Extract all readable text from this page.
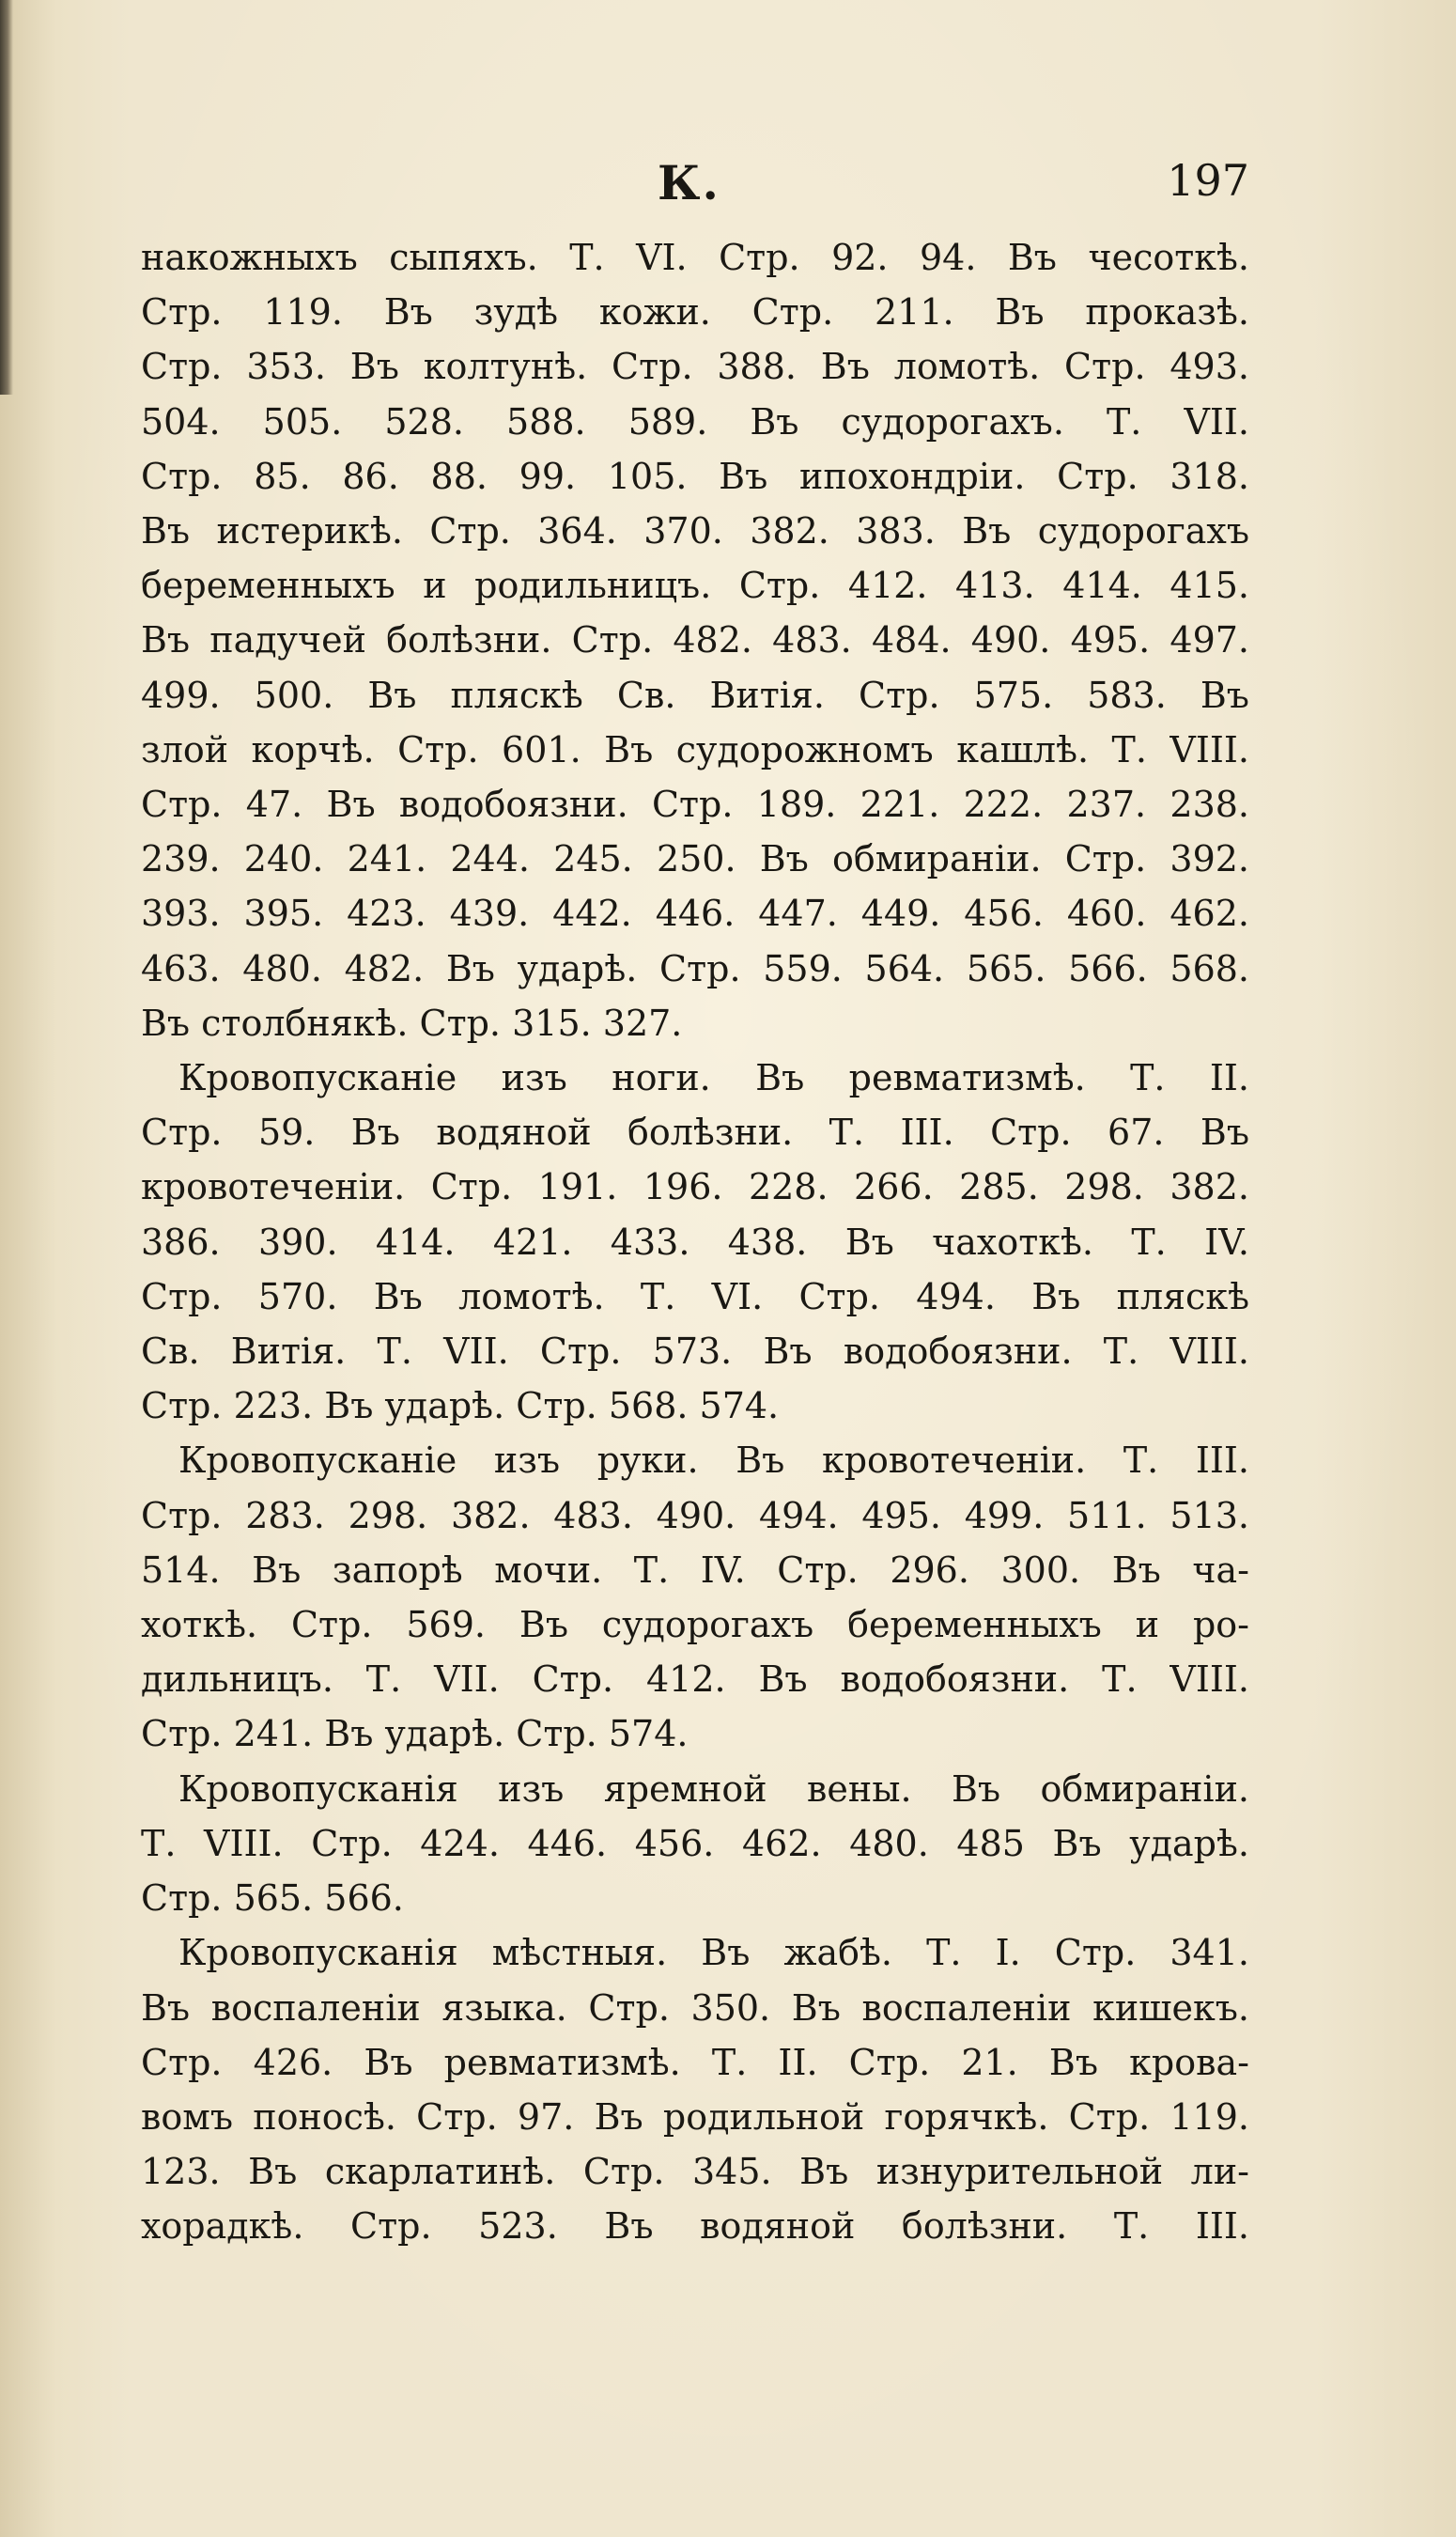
К.	197
накожныхъ сыпяхъ. Т. VI. Стр. 92. 94. Въ чесоткѣ.
Стр. 119. Въ зудѣ кожи. Стр. 211. Въ проказѣ.
Стр. 353. Въ колтунѣ. Стр. 388. Въ ломотѣ. Стр. 493.
504. 505. 528. 588. 589. Въ судорогахъ. Т. VII.
Стр. 85. 86. 88. 99. 105. Въ ипохондріи. Стр. 318.
Въ истерикѣ. Стр. 364. 370. 382. 383. Въ судорогахъ
беременныхъ и родильницъ. Стр. 412. 413. 414. 415.
Въ падучей болѣзни. Стр. 482. 483. 484. 490. 495. 497.
499. 500. Въ пляскѣ Св. Витія. Стр. 575. 583. Въ
злой корчѣ. Стр. 601. Въ судорожномъ кашлѣ. Т. VIII.
Стр. 47. Въ водобоязни. Стр. 189. 221. 222. 237. 238.
239. 240. 241. 244. 245. 250. Въ обмираніи. Стр. 392.
393. 395. 423. 439. 442. 446. 447. 449. 456. 460. 462.
463. 480. 482. Въ ударѣ. Стр. 559. 564. 565. 566. 568.
Въ столбнякѣ. Стр. 315. 327.
Кровопусканіе изъ ноги. Въ ревматизмѣ. Т. II.
Стр. 59. Въ водяной болѣзни. Т. III. Стр. 67. Въ
кровотеченіи. Стр. 191. 196. 228. 266. 285. 298. 382.
386. 390. 414. 421. 433. 438. Въ чахоткѣ. Т. IV.
Стр. 570. Въ ломотѣ. Т. VI. Стр. 494. Въ пляскѣ
Св. Витія. Т. VII. Стр. 573. Въ водобоязни. Т. VIII.
Стр. 223. Въ ударѣ. Стр. 568. 574.
Кровопусканіе изъ руки. Въ кровотеченіи. Т. III.
Стр. 283. 298. 382. 483. 490. 494. 495. 499. 511. 513.
514. Въ запорѣ мочи. Т. IV. Стр. 296. 300. Въ ча-
хоткѣ. Стр. 569. Въ судорогахъ беременныхъ и ро-
дильницъ. Т. VII. Стр. 412. Въ водобоязни. Т. VIII.
Стр. 241. Въ ударѣ. Стр. 574.
Кровопусканія изъ яремной вены. Въ обмираніи.
Т. VIII. Стр. 424. 446. 456. 462. 480. 485 Въ ударѣ.
Стр. 565. 566.
Кровопусканія мѣстныя. Въ жабѣ. Т. I. Стр. 341.
Въ воспаленіи языка. Стр. 350. Въ воспаленіи кишекъ.
Стр. 426. Въ ревматизмѣ. Т. II. Стр. 21. Въ крова-
вомъ поносѣ. Стр. 97. Въ родильной горячкѣ. Стр. 119.
123. Въ скарлатинѣ. Стр. 345. Въ изнурительной ли-
хорадкѣ. Стр. 523. Въ водяной болѣзни. Т. III.
